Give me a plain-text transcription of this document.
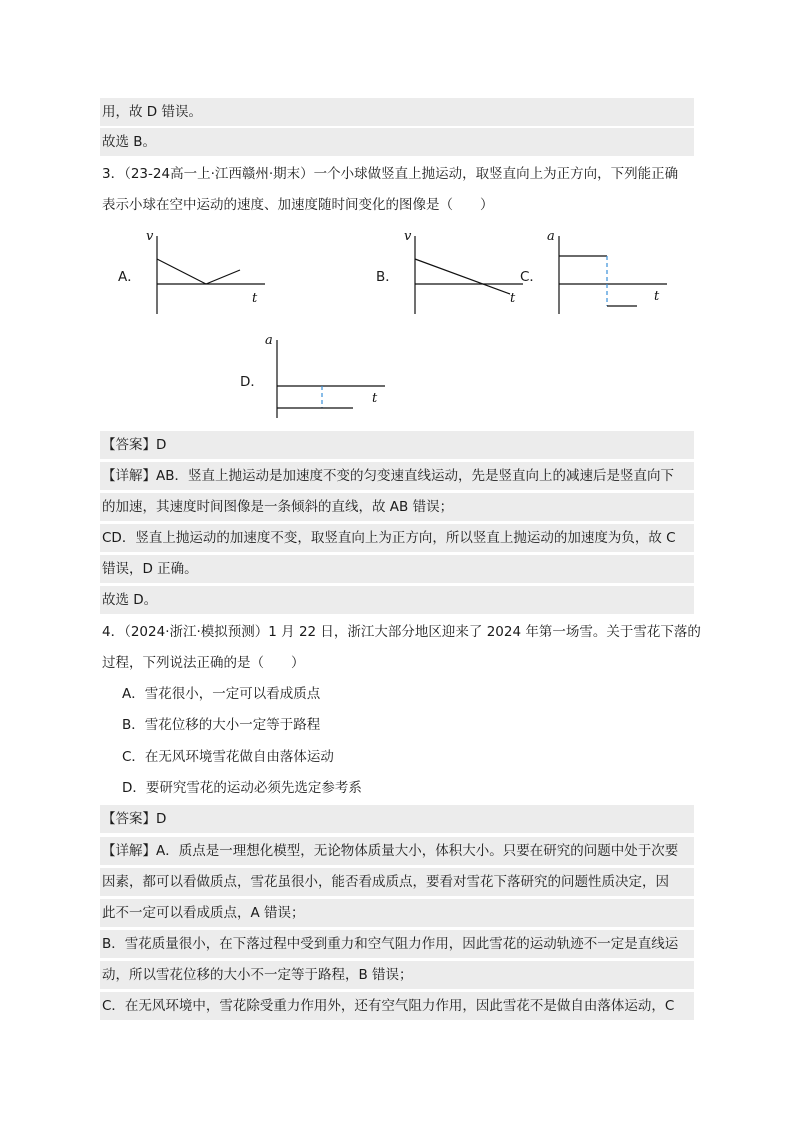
用，故 D 错误。
故选 B。
3．（23-24高一上·江西赣州·期末）一个小球做竖直上抛运动，取竖直向上为正方向，下列能正确
表示小球在空中运动的速度、加速度随时间变化的图像是（　　）
A．
v
t
B．
v
t
C．
a
t
D．
a
t
【答案】D
【详解】AB．竖直上抛运动是加速度不变的匀变速直线运动，先是竖直向上的减速后是竖直向下
的加速，其速度时间图像是一条倾斜的直线，故 AB 错误；
CD．竖直上抛运动的加速度不变，取竖直向上为正方向，所以竖直上抛运动的加速度为负，故 C
错误，D 正确。
故选 D。
4．（2024·浙江·模拟预测）1 月 22 日，浙江大部分地区迎来了 2024 年第一场雪。关于雪花下落的
过程，下列说法正确的是（　　）
A．雪花很小，一定可以看成质点
B．雪花位移的大小一定等于路程
C．在无风环境雪花做自由落体运动
D．要研究雪花的运动必须先选定参考系
【答案】D
【详解】A．质点是一理想化模型，无论物体质量大小，体积大小。只要在研究的问题中处于次要
因素，都可以看做质点，雪花虽很小，能否看成质点，要看对雪花下落研究的问题性质决定，因
此不一定可以看成质点，A 错误；
B．雪花质量很小，在下落过程中受到重力和空气阻力作用，因此雪花的运动轨迹不一定是直线运
动，所以雪花位移的大小不一定等于路程，B 错误；
C．在无风环境中，雪花除受重力作用外，还有空气阻力作用，因此雪花不是做自由落体运动，C
